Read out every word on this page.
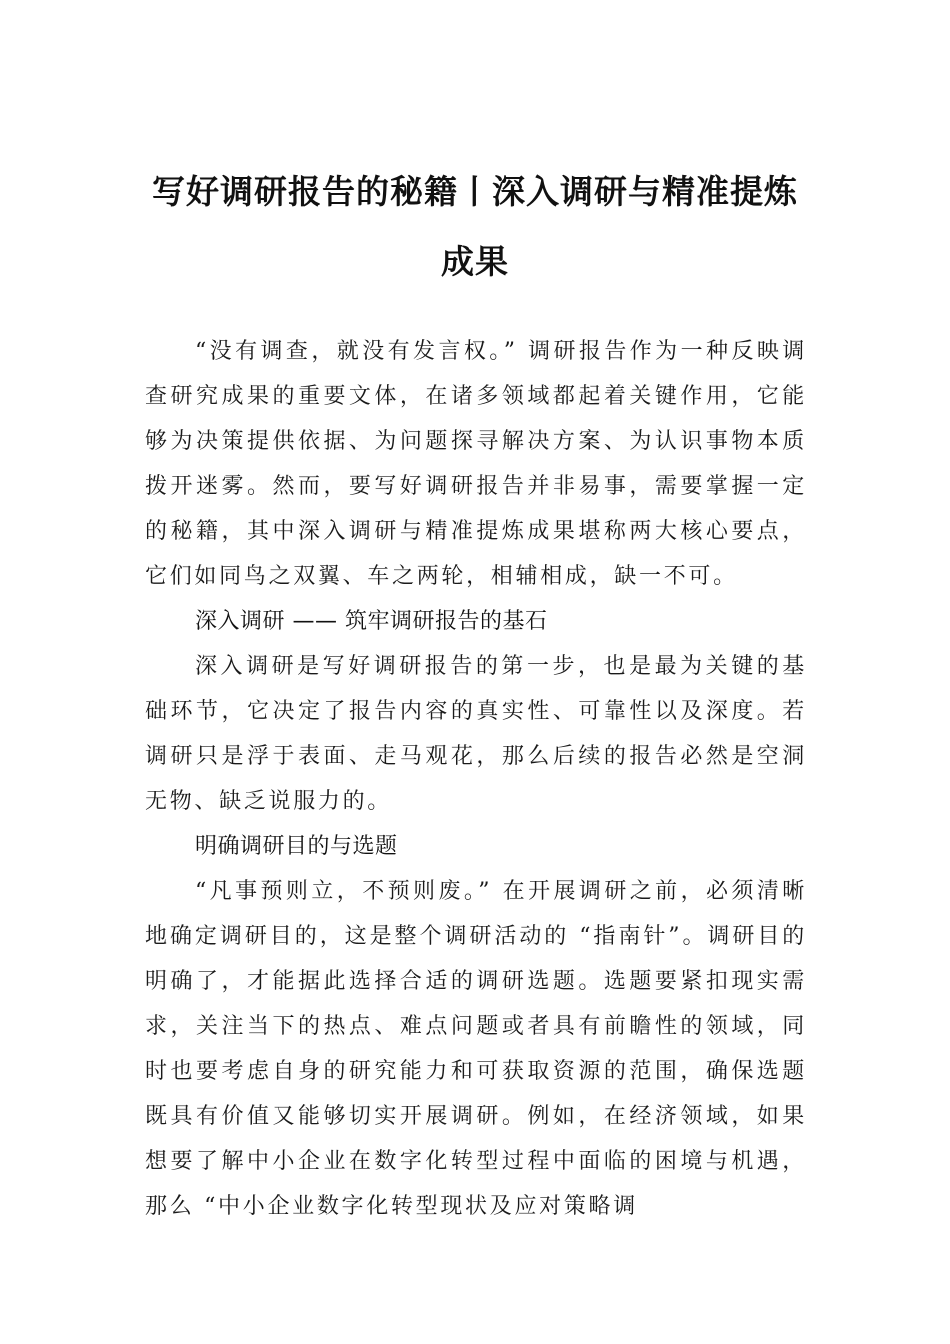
写好调研报告的秘籍丨深入调研与精准提炼成果

“没有调查，就没有发言权。” 调研报告作为一种反映调查研究成果的重要文体，在诸多领域都起着关键作用，它能够为决策提供依据、为问题探寻解决方案、为认识事物本质拨开迷雾。然而，要写好调研报告并非易事，需要掌握一定的秘籍，其中深入调研与精准提炼成果堪称两大核心要点，它们如同鸟之双翼、车之两轮，相辅相成，缺一不可。

深入调研 —— 筑牢调研报告的基石

深入调研是写好调研报告的第一步，也是最为关键的基础环节，它决定了报告内容的真实性、可靠性以及深度。若调研只是浮于表面、走马观花，那么后续的报告必然是空洞无物、缺乏说服力的。

明确调研目的与选题

“凡事预则立，不预则废。” 在开展调研之前，必须清晰地确定调研目的，这是整个调研活动的 “指南针”。调研目的明确了，才能据此选择合适的调研选题。选题要紧扣现实需求，关注当下的热点、难点问题或者具有前瞻性的领域，同时也要考虑自身的研究能力和可获取资源的范围，确保选题既具有价值又能够切实开展调研。例如，在经济领域，如果想要了解中小企业在数字化转型过程中面临的困境与机遇，那么 “中小企业数字化转型现状及应对策略调
